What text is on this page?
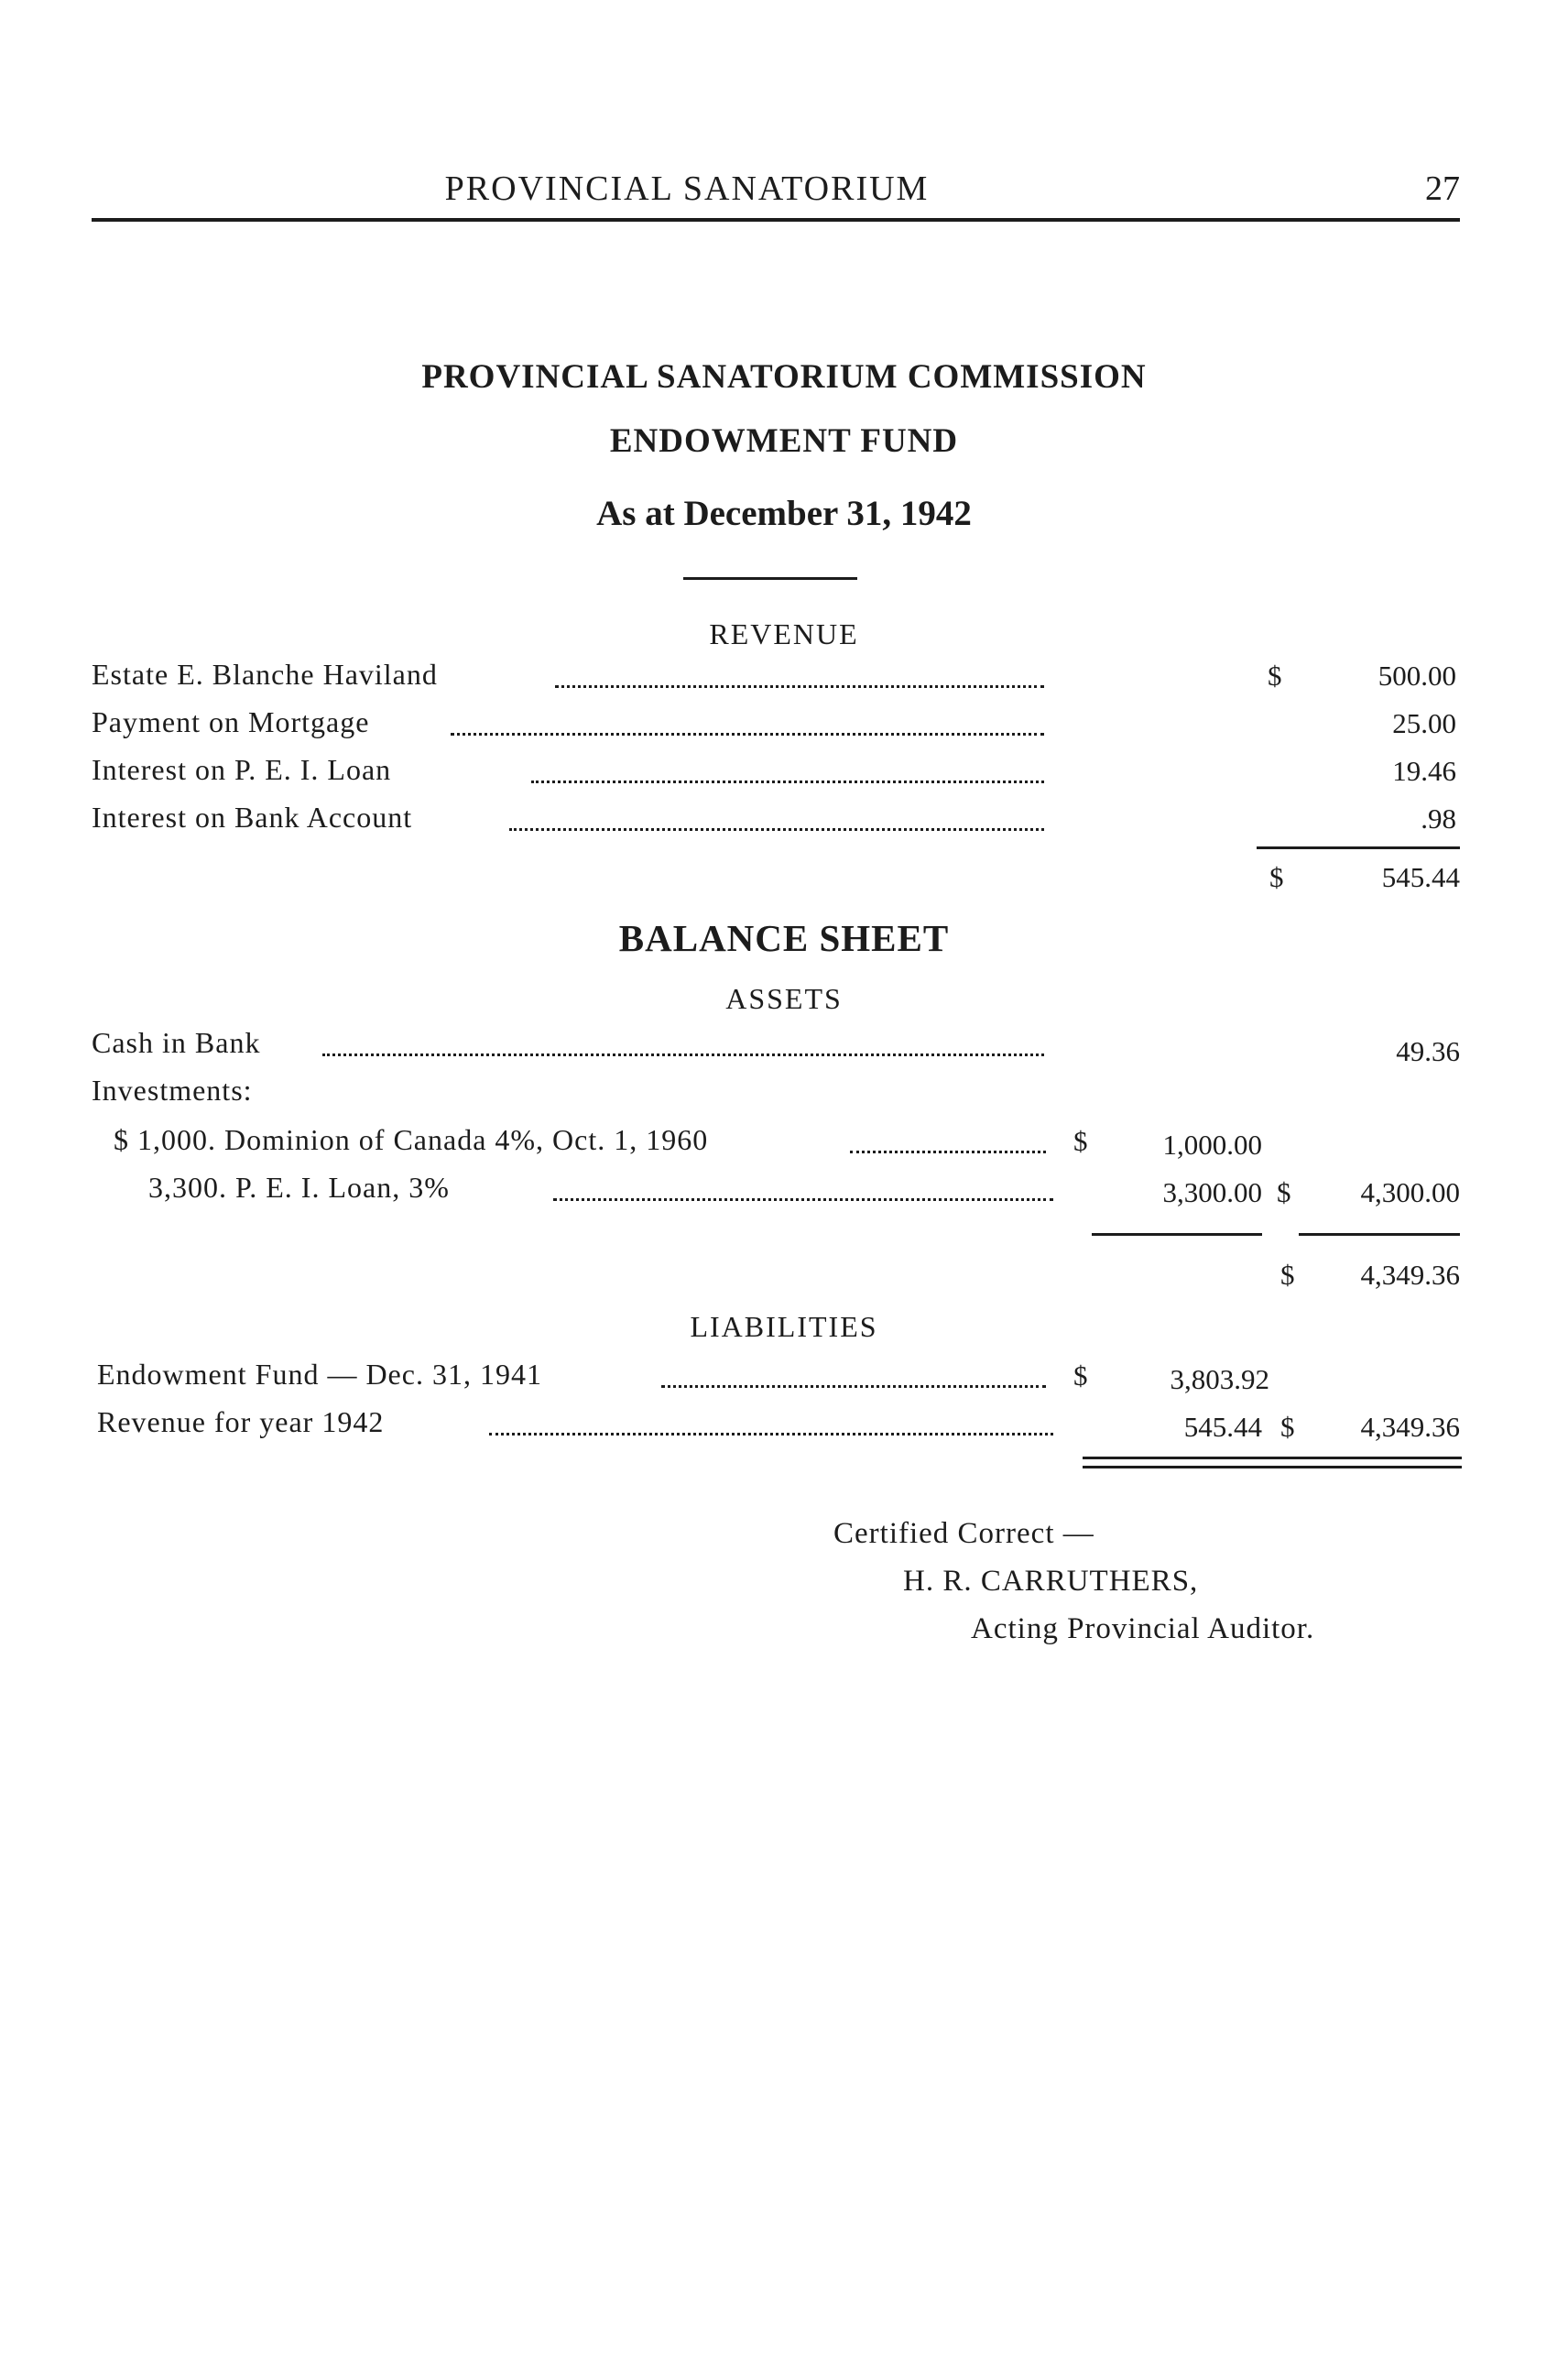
PROVINCIAL SANATORIUM	27
PROVINCIAL SANATORIUM COMMISSION
ENDOWMENT FUND
As at December 31, 1942
REVENUE
Estate E. Blanche Haviland	$	500.00
Payment on Mortgage	25.00
Interest on P. E. I. Loan	19.46
Interest on Bank Account	.98
$	545.44
BALANCE SHEET
ASSETS
Cash in Bank	49.36
Investments:
$ 1,000. Dominion of Canada 4%, Oct. 1, 1960	$	1,000.00
3,300. P. E. I. Loan, 3%	3,300.00 $	4,300.00
$	4,349.36
LIABILITIES
Endowment Fund — Dec. 31, 1941	$	3,803.92
Revenue for year 1942	545.44 $	4,349.36
Certified Correct —
H. R. CARRUTHERS,
Acting Provincial Auditor.
